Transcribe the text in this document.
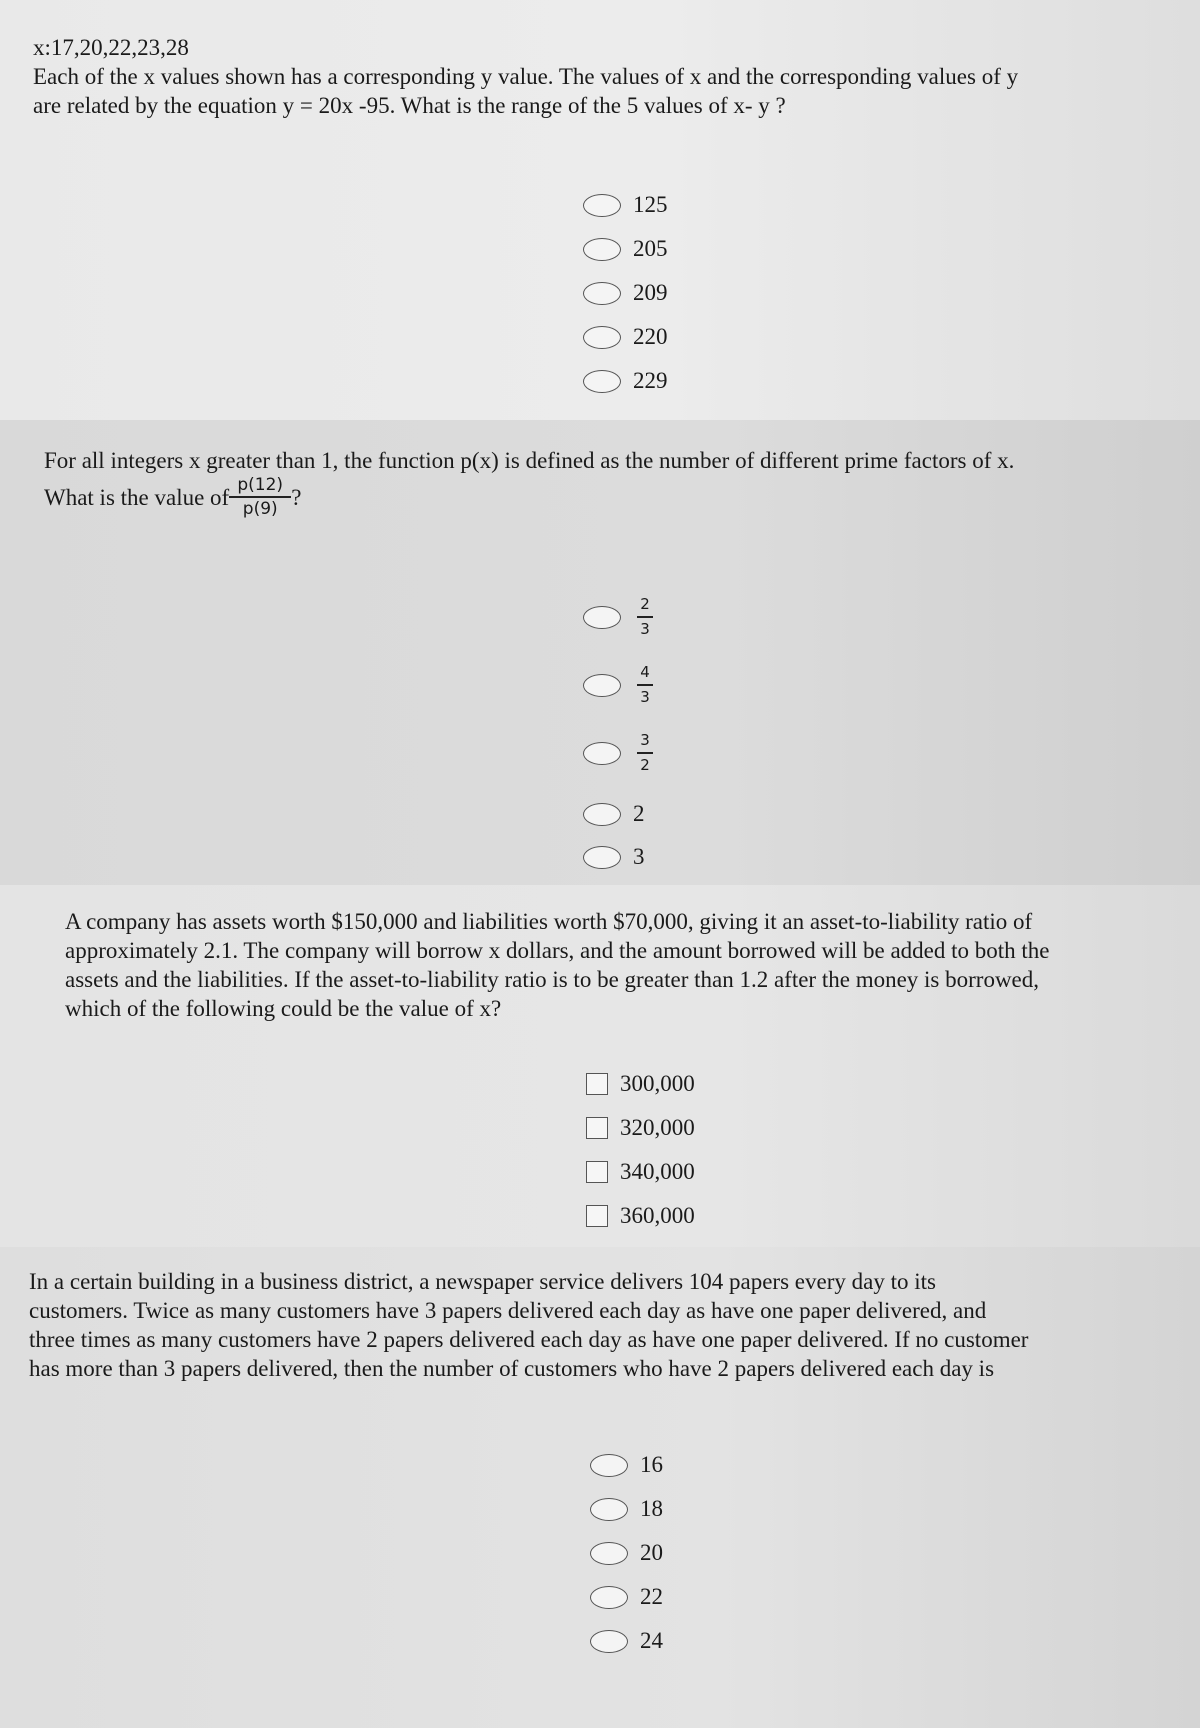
x:17,20,22,23,28

Each of the x values shown has a corresponding y value. The values of x and the corresponding values of y

are related by the equation y = 20x -95. What is the range of the 5 values of x- y ?

125
205
209
220
229

For all integers x greater than 1, the function p(x) is defined as the number of different prime factors of x.

What is the value of $\frac{p(12)}{p(9)}$ ?

$\frac{2}{3}$
$\frac{4}{3}$
$\frac{3}{2}$
2
3

A company has assets worth $150,000 and liabilities worth $70,000, giving it an asset-to-liability ratio of

approximately 2.1. The company will borrow x dollars, and the amount borrowed will be added to both the

assets and the liabilities. If the asset-to-liability ratio is to be greater than 1.2 after the money is borrowed,

which of the following could be the value of x?

300,000
320,000
340,000
360,000

In a certain building in a business district, a newspaper service delivers 104 papers every day to its

customers. Twice as many customers have 3 papers delivered each day as have one paper delivered, and

three times as many customers have 2 papers delivered each day as have one paper delivered. If no customer

has more than 3 papers delivered, then the number of customers who have 2 papers delivered each day is

16
18
20
22
24
